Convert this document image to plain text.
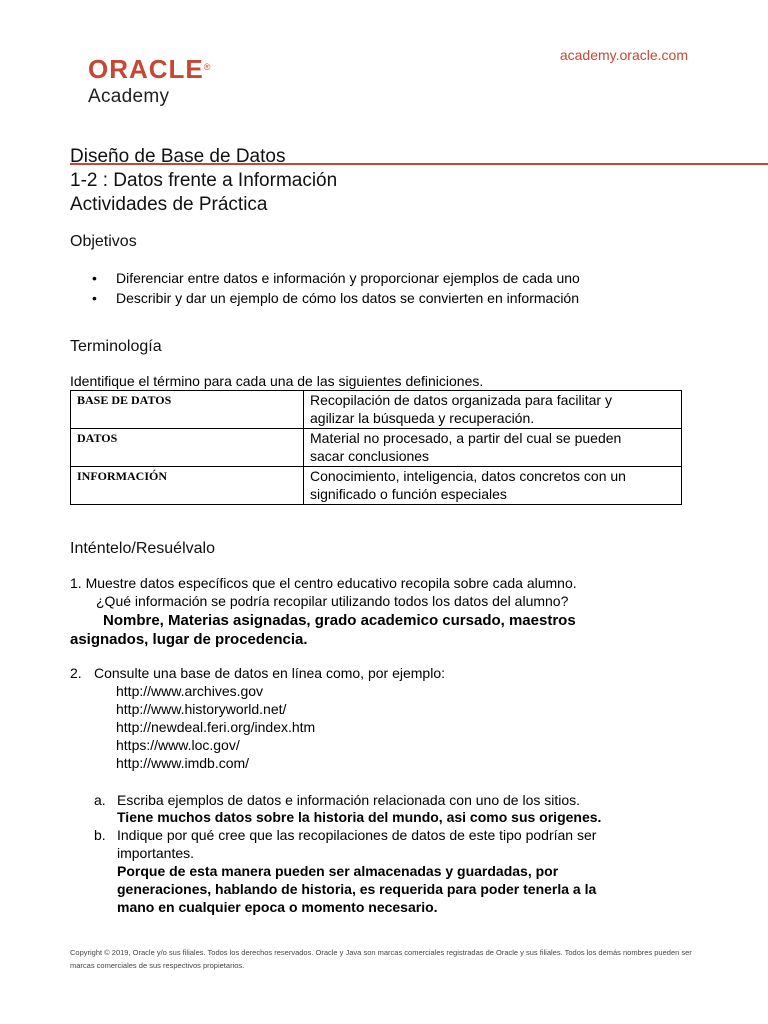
ORACLE®
Academy
academy.oracle.com
Diseño de Base de Datos
1-2 : Datos frente a Información
Actividades de Práctica
Objetivos
• Diferenciar entre datos e información y proporcionar ejemplos de cada uno
• Describir y dar un ejemplo de cómo los datos se convierten en información
Terminología
Identifique el término para cada una de las siguientes definiciones.
BASE DE DATOS	Recopilación de datos organizada para facilitar y
agilizar la búsqueda y recuperación.

DATOS	Material no procesado, a partir del cual se pueden
sacar conclusiones

INFORMACIÓN	Conocimiento, inteligencia, datos concretos con un
significado o función especiales
Inténtelo/Resuélvalo
1. Muestre datos específicos que el centro educativo recopila sobre cada alumno.
¿Qué información se podría recopilar utilizando todos los datos del alumno?
Nombre, Materias asignadas, grado academico cursado, maestros
asignados, lugar de procedencia.
2. Consulte una base de datos en línea como, por ejemplo:
http://www.archives.gov
http://www.historyworld.net/
http://newdeal.feri.org/index.htm
https://www.loc.gov/
http://www.imdb.com/
a. Escriba ejemplos de datos e información relacionada con uno de los sitios.
Tiene muchos datos sobre la historia del mundo, asi como sus origenes.
b. Indique por qué cree que las recopilaciones de datos de este tipo podrían ser
importantes.
Porque de esta manera pueden ser almacenadas y guardadas, por
generaciones, hablando de historia, es requerida para poder tenerla a la
mano en cualquier epoca o momento necesario.
Copyright © 2019, Oracle y/o sus filiales. Todos los derechos reservados. Oracle y Java son marcas comerciales registradas de Oracle y sus filiales. Todos los demás nombres pueden ser
marcas comerciales de sus respectivos propietarios.
